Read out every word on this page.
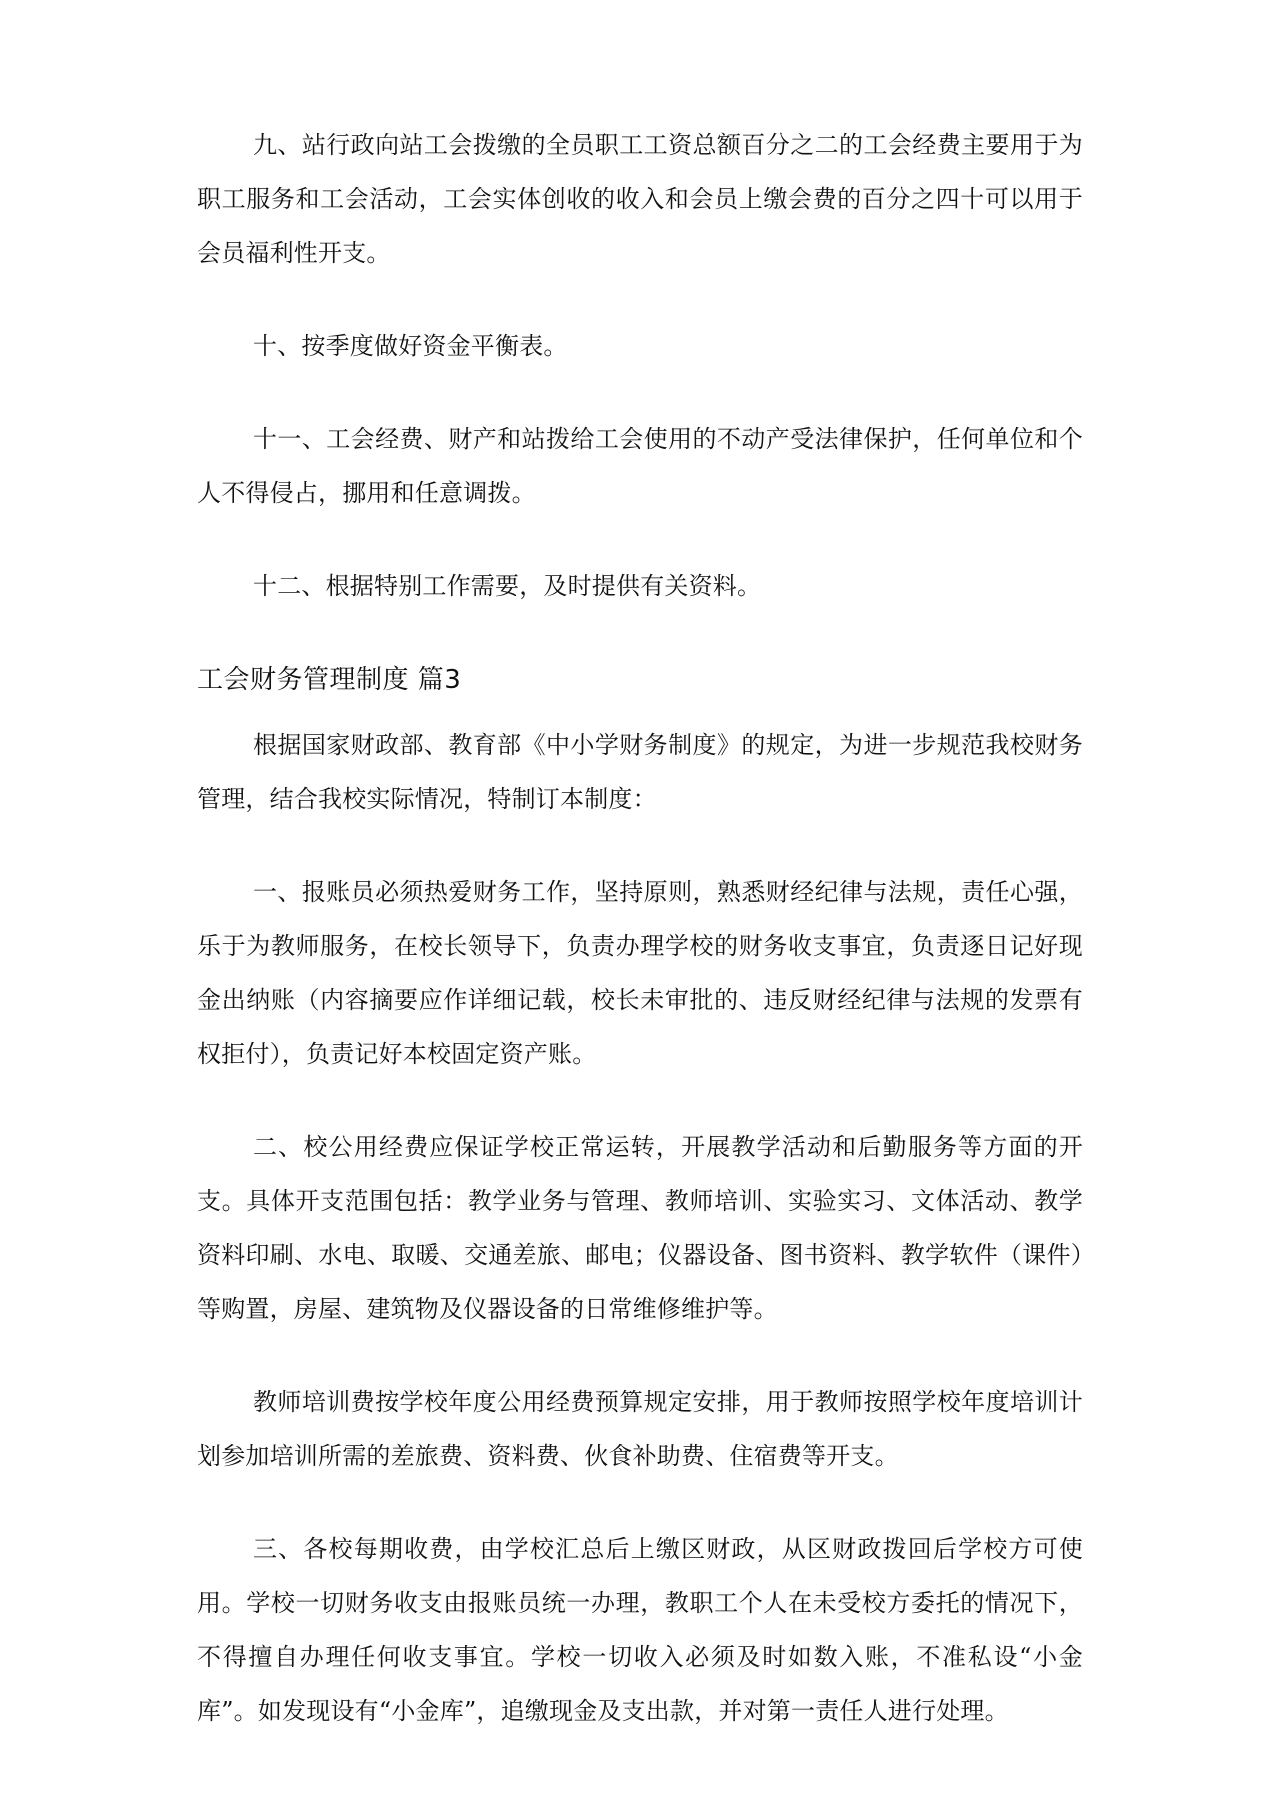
九、站行政向站工会拨缴的全员职工工资总额百分之二的工会经费主要用于为职工服务和工会活动，工会实体创收的收入和会员上缴会费的百分之四十可以用于会员福利性开支。

十、按季度做好资金平衡表。

十一、工会经费、财产和站拨给工会使用的不动产受法律保护，任何单位和个人不得侵占，挪用和任意调拨。

十二、根据特别工作需要，及时提供有关资料。

工会财务管理制度 篇3

根据国家财政部、教育部《中小学财务制度》的规定，为进一步规范我校财务管理，结合我校实际情况，特制订本制度：

一、报账员必须热爱财务工作，坚持原则，熟悉财经纪律与法规，责任心强，乐于为教师服务，在校长领导下，负责办理学校的财务收支事宜，负责逐日记好现金出纳账（内容摘要应作详细记载，校长未审批的、违反财经纪律与法规的发票有权拒付），负责记好本校固定资产账。

二、校公用经费应保证学校正常运转，开展教学活动和后勤服务等方面的开支。具体开支范围包括：教学业务与管理、教师培训、实验实习、文体活动、教学资料印刷、水电、取暖、交通差旅、邮电；仪器设备、图书资料、教学软件（课件）等购置，房屋、建筑物及仪器设备的日常维修维护等。

教师培训费按学校年度公用经费预算规定安排，用于教师按照学校年度培训计划参加培训所需的差旅费、资料费、伙食补助费、住宿费等开支。

三、各校每期收费，由学校汇总后上缴区财政，从区财政拨回后学校方可使用。学校一切财务收支由报账员统一办理，教职工个人在未受校方委托的情况下，不得擅自办理任何收支事宜。学校一切收入必须及时如数入账，不准私设“小金库”。如发现设有“小金库”，追缴现金及支出款，并对第一责任人进行处理。
